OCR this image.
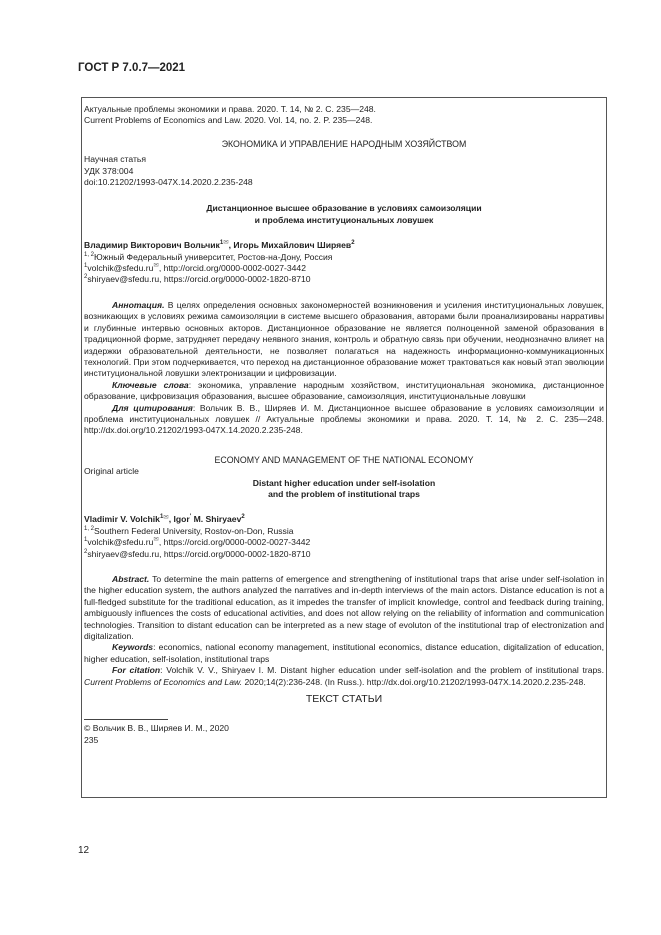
ГОСТ Р 7.0.7—2021

Актуальные проблемы экономики и права. 2020. Т. 14, № 2. С. 235—248.

Current Problems of Economics and Law. 2020. Vol. 14, no. 2. P. 235—248.

ЭКОНОМИКА И УПРАВЛЕНИЕ НАРОДНЫМ ХОЗЯЙСТВОМ

Научная статья

УДК 378:004

doi:10.21202/1993-047X.14.2020.2.235-248

Дистанционное высшее образование в условиях самоизоляции

и проблема институциональных ловушек

Владимир Викторович Вольчик$^1$✉, Игорь Михайлович Ширяев$^2$

$^{1, 2}$Южный Федеральный университет, Ростов-на-Дону, Россия

$^1$volchik@sfedu.ru✉, http://orcid.org/0000-0002-0027-3442

$^2$shiryaev@sfedu.ru, https://orcid.org/0000-0002-1820-8710

Аннотация. В целях определения основных закономерностей возникновения и усиления институциональных ловушек, возникающих в условиях режима самоизоляции в системе высшего образования, авторами были проанализированы нарративы и глубинные интервью основных акторов. Дистанционное образование не является полноценной заменой образования в традиционной форме, затрудняет передачу неявного знания, контроль и обратную связь при обучении, неоднозначно влияет на издержки образовательной деятельности, не позволяет полагаться на надежность информационно-коммуникационных технологий. При этом подчеркивается, что переход на дистанционное образование может трактоваться как новый этап эволюции институциональной ловушки электронизации и цифровизации.

Ключевые слова: экономика, управление народным хозяйством, институциональная экономика, дистанционное образование, цифровизация образования, высшее образование, самоизоляция, институциональные ловушки

Для цитирования: Вольчик В. В., Ширяев И. М. Дистанционное высшее образование в условиях самоизоляции и проблема институциональных ловушек // Актуальные проблемы экономики и права. 2020. Т. 14, № 2. С. 235—248. http://dx.doi.org/10.21202/1993-047X.14.2020.2.235-248.

ECONOMY AND MANAGEMENT OF THE NATIONAL ECONOMY

Original article

Distant higher education under self-isolation

and the problem of institutional traps

Vladimir V. Volchik$^1$✉, Igor' M. Shiryaev$^2$

$^{1, 2}$Southern Federal University, Rostov-on-Don, Russia

$^1$volchik@sfedu.ru✉, https://orcid.org/0000-0002-0027-3442

$^2$shiryaev@sfedu.ru, https://orcid.org/0000-0002-1820-8710

Abstract. To determine the main patterns of emergence and strengthening of institutional traps that arise under self-isolation in the higher education system, the authors analyzed the narratives and in-depth interviews of the main actors. Distance education is not a full-fledged substitute for the traditional education, as it impedes the transfer of implicit knowledge, control and feedback during training, ambiguously influences the costs of educational activities, and does not allow relying on the reliability of information and communication technologies. Transition to distant education can be interpreted as a new stage of evoluton of the institutional trap of electronization and digitalization.

Keywords: economics, national economy management, institutional economics, distance education, digitalization of education, higher education, self-isolation, institutional traps

For citation: Volchik V. V., Shiryaev I. M. Distant higher education under self-isolation and the problem of institutional traps. Current Problems of Economics and Law. 2020;14(2):236-248. (In Russ.). http://dx.doi.org/10.21202/1993-047X.14.2020.2.235-248.

ТЕКСТ СТАТЬИ

© Вольчик В. В., Ширяев И. М., 2020

235

12
